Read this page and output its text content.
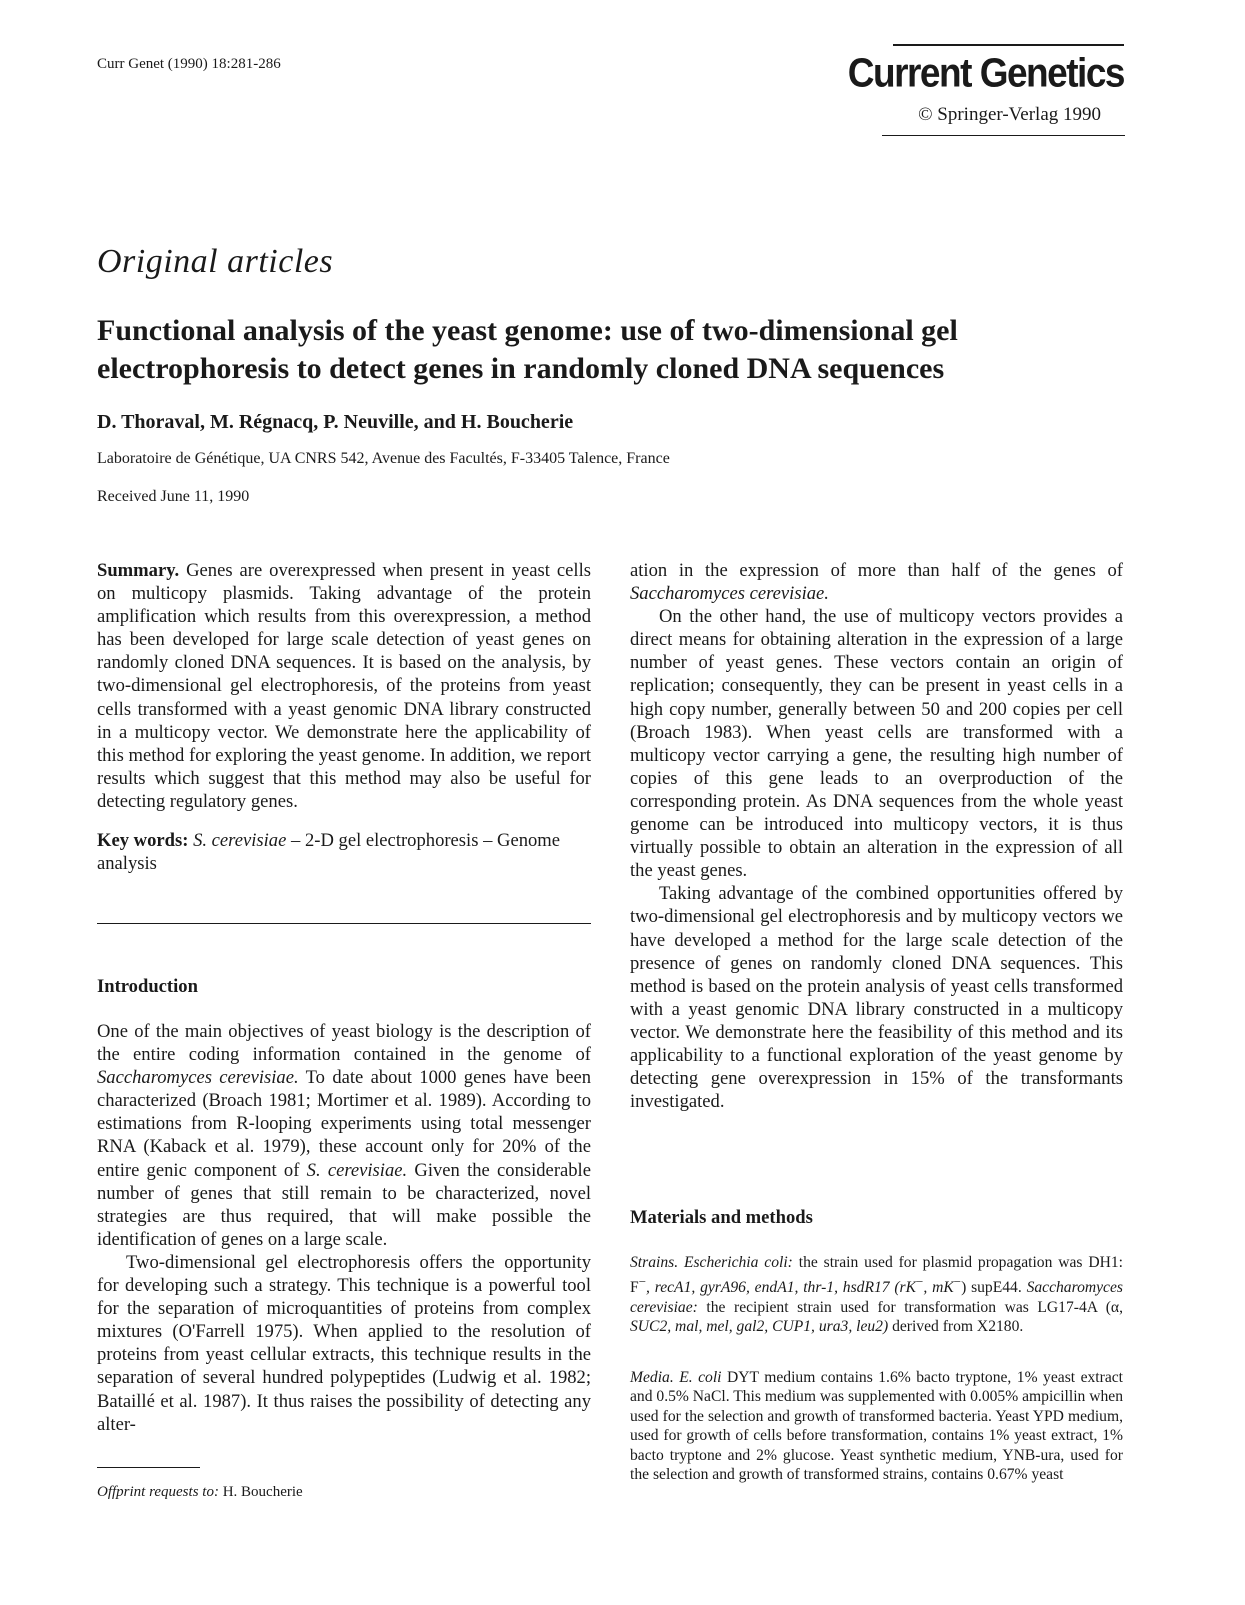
Curr Genet (1990) 18:281-286	Current Genetics
© Springer-Verlag 1990
Original articles
Functional analysis of the yeast genome: use of two-dimensional gel electrophoresis to detect genes in randomly cloned DNA sequences
D. Thoraval, M. Régnacq, P. Neuville, and H. Boucherie
Laboratoire de Génétique, UA CNRS 542, Avenue des Facultés, F-33405 Talence, France
Received June 11, 1990

Summary. Genes are overexpressed when present in yeast cells on multicopy plasmids. Taking advantage of the protein amplification which results from this overexpression, a method has been developed for large scale detection of yeast genes on randomly cloned DNA sequences. It is based on the analysis, by two-dimensional gel electrophoresis, of the proteins from yeast cells transformed with a yeast genomic DNA library constructed in a multicopy vector. We demonstrate here the applicability of this method for exploring the yeast genome. In addition, we report results which suggest that this method may also be useful for detecting regulatory genes.

Key words: S. cerevisiae – 2-D gel electrophoresis – Genome analysis

Introduction

One of the main objectives of yeast biology is the description of the entire coding information contained in the genome of Saccharomyces cerevisiae. To date about 1000 genes have been characterized (Broach 1981; Mortimer et al. 1989). According to estimations from R-looping experiments using total messenger RNA (Kaback et al. 1979), these account only for 20% of the entire genic component of S. cerevisiae. Given the considerable number of genes that still remain to be characterized, novel strategies are thus required, that will make possible the identification of genes on a large scale.

Two-dimensional gel electrophoresis offers the opportunity for developing such a strategy. This technique is a powerful tool for the separation of microquantities of proteins from complex mixtures (O'Farrell 1975). When applied to the resolution of proteins from yeast cellular extracts, this technique results in the separation of several hundred polypeptides (Ludwig et al. 1982; Bataillé et al. 1987). It thus raises the possibility of detecting any alter-

Offprint requests to: H. Boucherie

ation in the expression of more than half of the genes of Saccharomyces cerevisiae.

On the other hand, the use of multicopy vectors provides a direct means for obtaining alteration in the expression of a large number of yeast genes. These vectors contain an origin of replication; consequently, they can be present in yeast cells in a high copy number, generally between 50 and 200 copies per cell (Broach 1983). When yeast cells are transformed with a multicopy vector carrying a gene, the resulting high number of copies of this gene leads to an overproduction of the corresponding protein. As DNA sequences from the whole yeast genome can be introduced into multicopy vectors, it is thus virtually possible to obtain an alteration in the expression of all the yeast genes.

Taking advantage of the combined opportunities offered by two-dimensional gel electrophoresis and by multicopy vectors we have developed a method for the large scale detection of the presence of genes on randomly cloned DNA sequences. This method is based on the protein analysis of yeast cells transformed with a yeast genomic DNA library constructed in a multicopy vector. We demonstrate here the feasibility of this method and its applicability to a functional exploration of the yeast genome by detecting gene overexpression in 15% of the transformants investigated.

Materials and methods

Strains. Escherichia coli: the strain used for plasmid propagation was DH1: F−, recA1, gyrA96, endA1, thr-1, hsdR17 (rK−, mK−) supE44. Saccharomyces cerevisiae: the recipient strain used for transformation was LG17-4A (α, SUC2, mal, mel, gal2, CUP1, ura3, leu2) derived from X2180.

Media. E. coli DYT medium contains 1.6% bacto tryptone, 1% yeast extract and 0.5% NaCl. This medium was supplemented with 0.005% ampicillin when used for the selection and growth of transformed bacteria. Yeast YPD medium, used for growth of cells before transformation, contains 1% yeast extract, 1% bacto tryptone and 2% glucose. Yeast synthetic medium, YNB-ura, used for the selection and growth of transformed strains, contains 0.67% yeast
